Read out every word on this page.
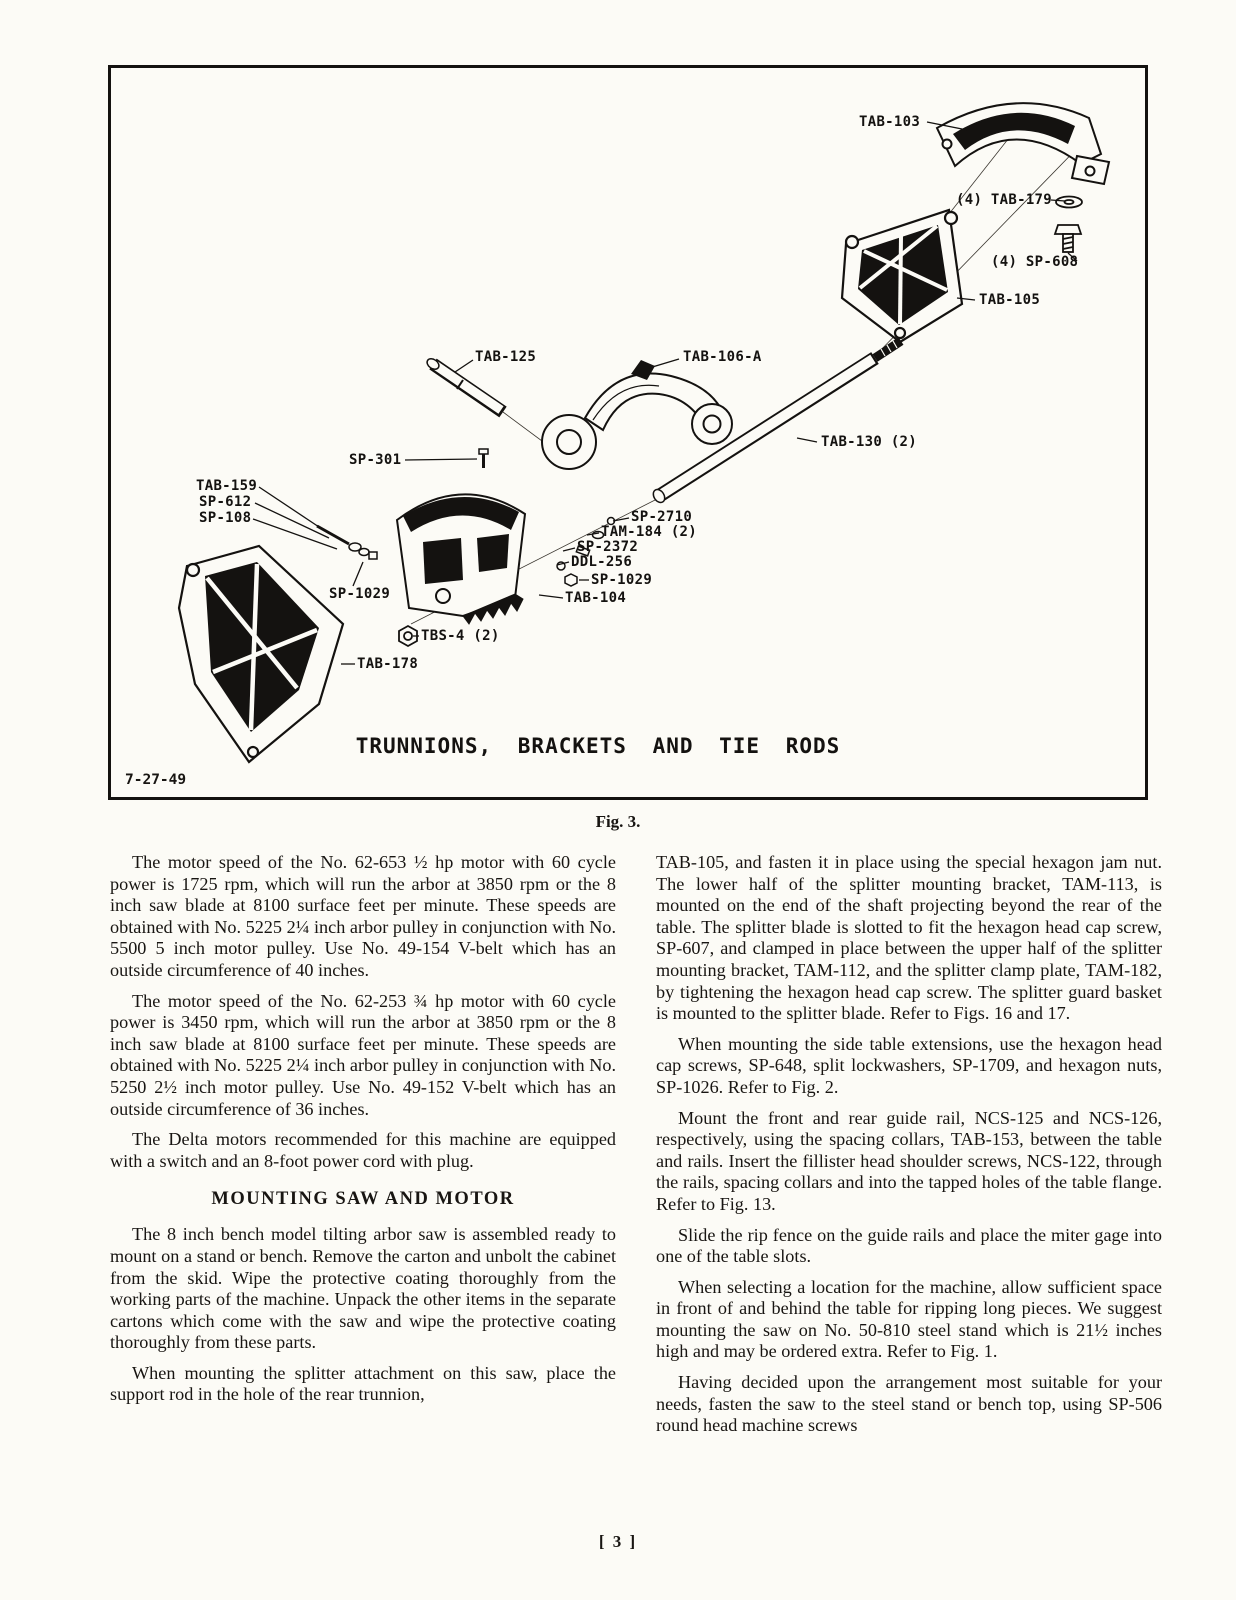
TAB-103
(4) TAB-179
(4) SP-608
TAB-105
TAB-125	TAB-106-A
TAB-130 (2)
SP-301
TAB-159
SP-612
SP-108	SP-2710
TAM-184 (2)
SP-2372
DDL-256
SP-1029
TAB-104
SP-1029
TBS-4 (2)
TAB-178
TRUNNIONS, BRACKETS AND TIE RODS
7-27-49
Fig. 3.

The motor speed of the No. 62-653 ½ hp motor with 60 cycle power is 1725 rpm, which will run the arbor at 3850 rpm or the 8 inch saw blade at 8100 surface feet per minute. These speeds are obtained with No. 5225 2¼ inch arbor pulley in conjunction with No. 5500 5 inch motor pulley. Use No. 49-154 V-belt which has an outside circumference of 40 inches.

The motor speed of the No. 62-253 ¾ hp motor with 60 cycle power is 3450 rpm, which will run the arbor at 3850 rpm or the 8 inch saw blade at 8100 surface feet per minute. These speeds are obtained with No. 5225 2¼ inch arbor pulley in conjunction with No. 5250 2½ inch motor pulley. Use No. 49-152 V-belt which has an outside circumference of 36 inches.

The Delta motors recommended for this machine are equipped with a switch and an 8-foot power cord with plug.

MOUNTING SAW AND MOTOR

The 8 inch bench model tilting arbor saw is assembled ready to mount on a stand or bench. Remove the carton and unbolt the cabinet from the skid. Wipe the protective coating thoroughly from the working parts of the machine. Unpack the other items in the separate cartons which come with the saw and wipe the protective coating thoroughly from these parts.

When mounting the splitter attachment on this saw, place the support rod in the hole of the rear trunnion,

TAB-105, and fasten it in place using the special hexagon jam nut. The lower half of the splitter mounting bracket, TAM-113, is mounted on the end of the shaft projecting beyond the rear of the table. The splitter blade is slotted to fit the hexagon head cap screw, SP-607, and clamped in place between the upper half of the splitter mounting bracket, TAM-112, and the splitter clamp plate, TAM-182, by tightening the hexagon head cap screw. The splitter guard basket is mounted to the splitter blade. Refer to Figs. 16 and 17.

When mounting the side table extensions, use the hexagon head cap screws, SP-648, split lockwashers, SP-1709, and hexagon nuts, SP-1026. Refer to Fig. 2.

Mount the front and rear guide rail, NCS-125 and NCS-126, respectively, using the spacing collars, TAB-153, between the table and rails. Insert the fillister head shoulder screws, NCS-122, through the rails, spacing collars and into the tapped holes of the table flange. Refer to Fig. 13.

Slide the rip fence on the guide rails and place the miter gage into one of the table slots.

When selecting a location for the machine, allow sufficient space in front of and behind the table for ripping long pieces. We suggest mounting the saw on No. 50-810 steel stand which is 21½ inches high and may be ordered extra. Refer to Fig. 1.

Having decided upon the arrangement most suitable for your needs, fasten the saw to the steel stand or bench top, using SP-506 round head machine screws

[ 3 ]
